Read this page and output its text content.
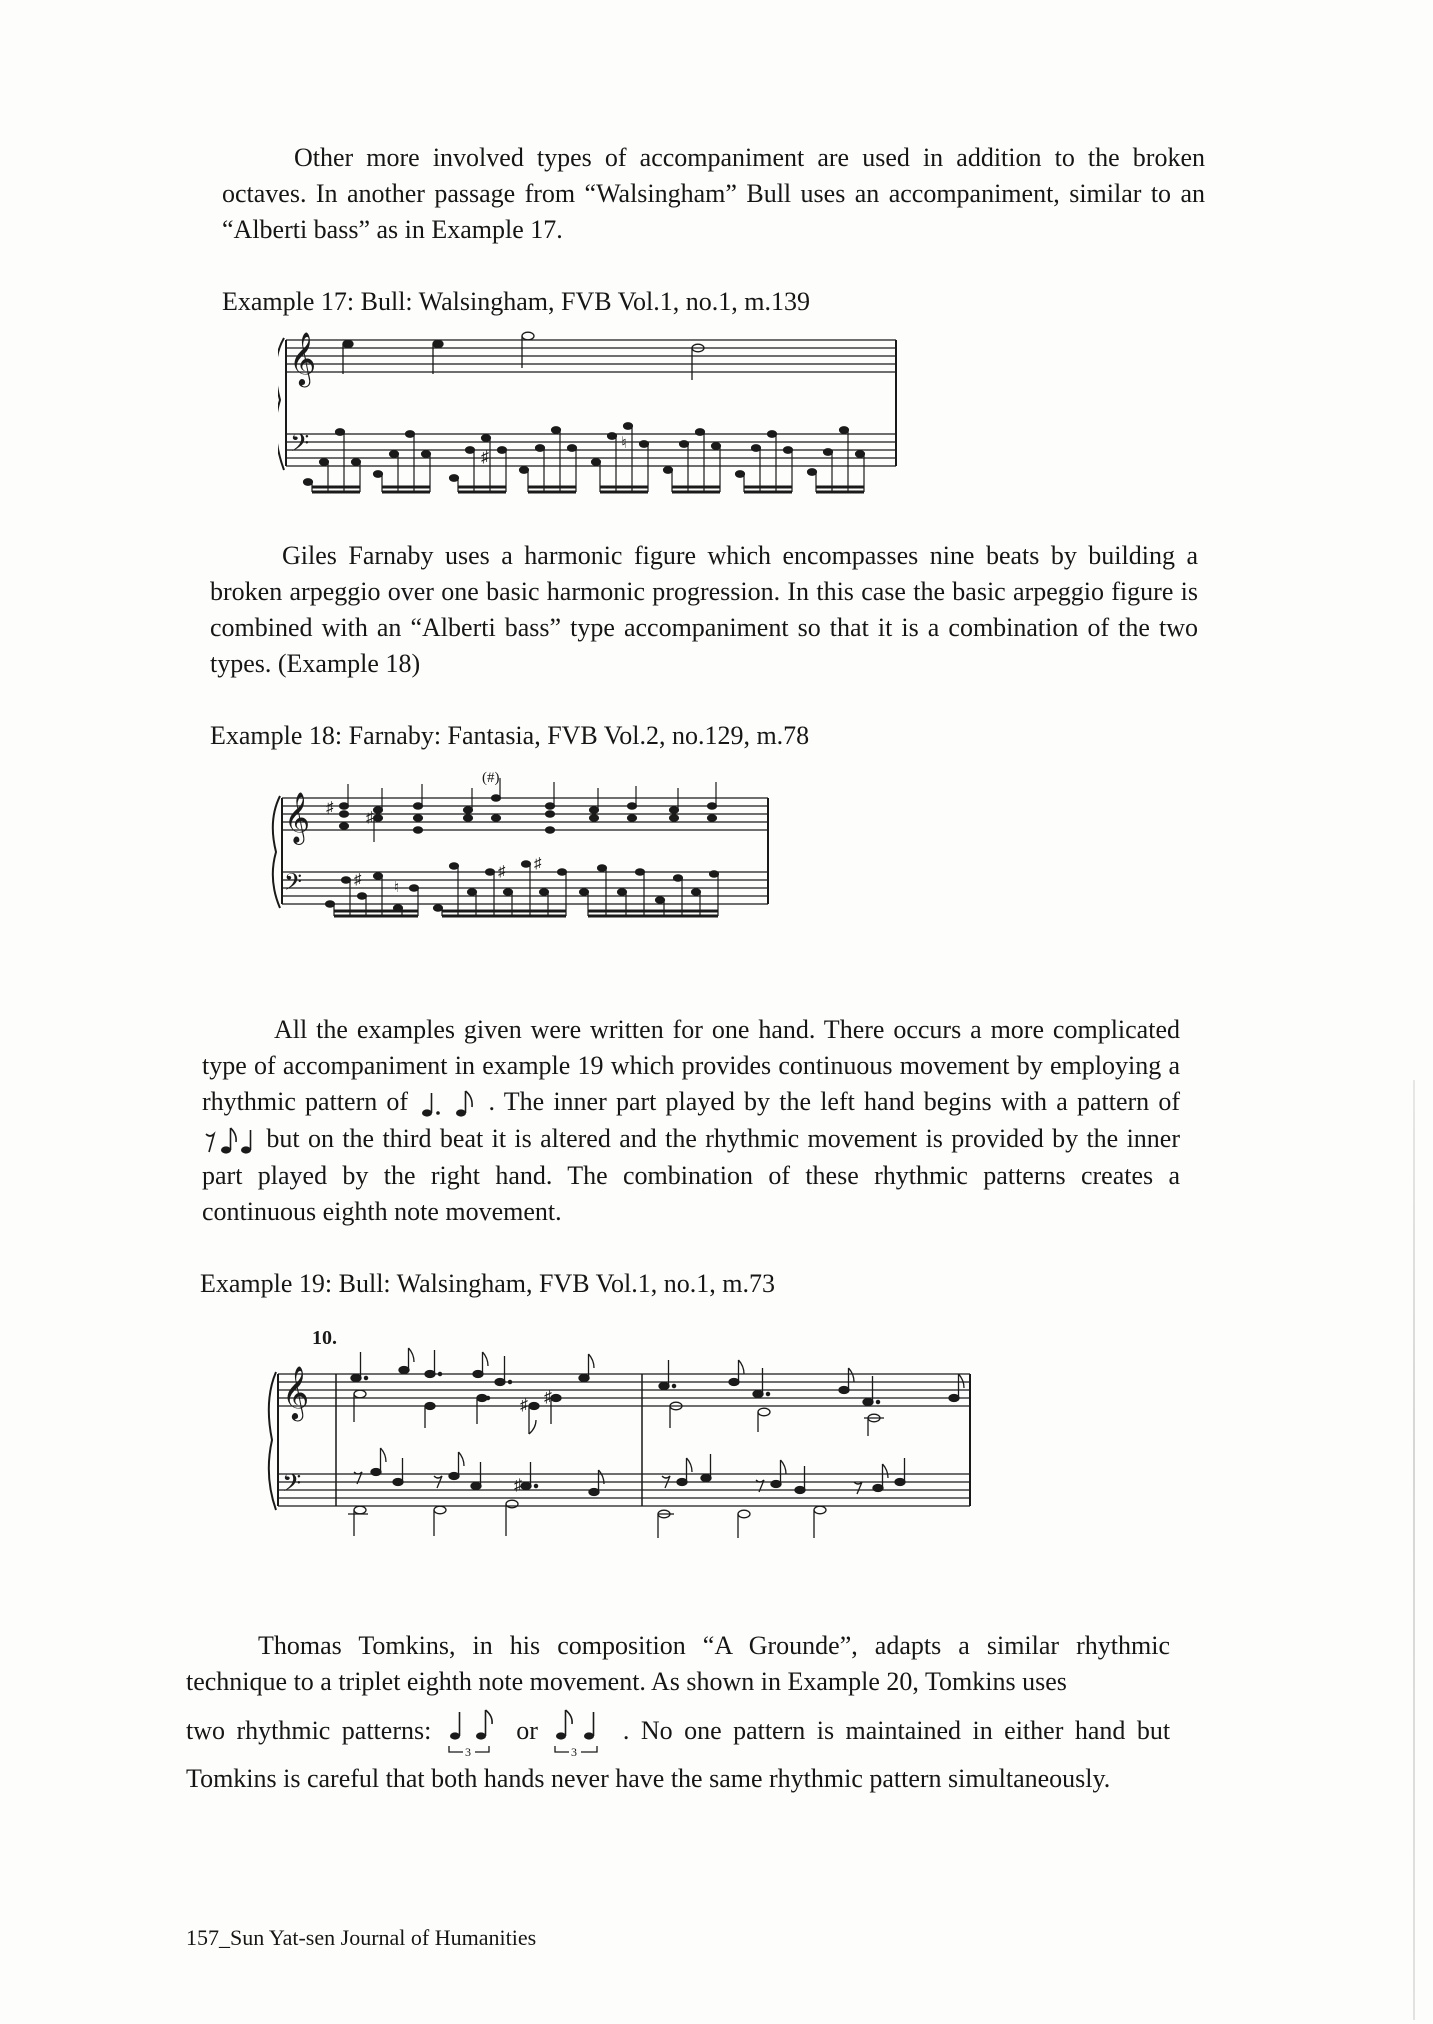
Other more involved types of accompaniment are used in addition to the broken octaves. In another passage from “Walsingham” Bull uses an accompaniment, similar to an “Alberti bass” as in Example 17.

Example 17: Bull: Walsingham, FVB Vol.1, no.1, m.139

𝄞
𝄢	♯
♮

Giles Farnaby uses a harmonic figure which encompasses nine beats by building a broken arpeggio over one basic harmonic progression. In this case the basic arpeggio figure is combined with an “Alberti bass” type accompaniment so that it is a combination of the two types. (Example 18)

Example 18: Farnaby: Fantasia, FVB Vol.2, no.129, m.78

𝄞
𝄢
(#)
♯ ♮
♯ ♯
♯
♯

All the examples given were written for one hand. There occurs a more complicated type of accompaniment in example 19 which provides continuous movement by employing a rhythmic pattern of	. The inner part played by the left hand begins with a pattern of
but on the third beat it is altered and the rhythmic movement is provided by the inner part played by the right hand. The combination of these rhythmic patterns creates a continuous eighth note movement.

Example 19: Bull: Walsingham, FVB Vol.1, no.1, m.73

10.
𝄞
𝄢
♯ ♯
♯

Thomas Tomkins, in his composition “A Grounde”, adapts a similar rhythmic technique to a triplet eighth note movement. As shown in Example 20, Tomkins uses

two rhythmic patterns:
3
or
3
. No one pattern is maintained in either hand but Tomkins is careful that both hands never have the same rhythmic pattern simultaneously.

157_Sun Yat-sen Journal of Humanities
